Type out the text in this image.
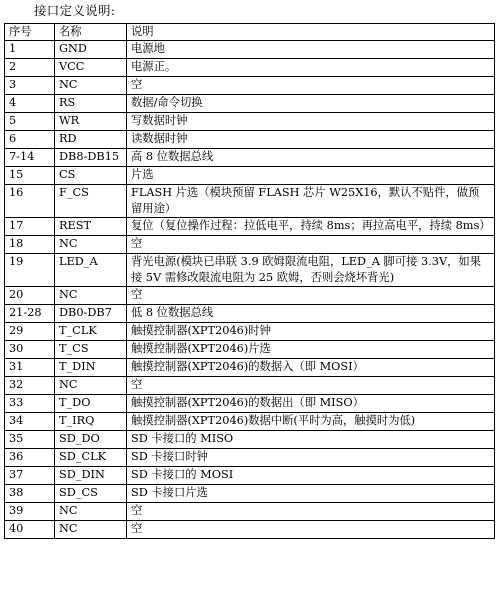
接口定义说明:
序号	名称	说明
1	GND	电源地
2	VCC	电源正。
3	NC	空
4	RS	数据/命令切换
5	WR	写数据时钟
6	RD	读数据时钟
7-14	DB8-DB15	高 8 位数据总线
15	CS	片选
16	F_CS	FLASH 片选（模块预留 FLASH 芯片 W25X16，默认不贴件，做预留用途）
17	REST	复位（复位操作过程：拉低电平，持续 8ms；再拉高电平，持续 8ms）
18	NC	空
19	LED_A	背光电源(模块已串联 3.9 欧姆限流电阻，LED_A 脚可接 3.3V，如果接 5V 需修改限流电阻为 25 欧姆，否则会烧坏背光)
20	NC	空
21-28	DB0-DB7	低 8 位数据总线
29	T_CLK	触摸控制器(XPT2046)时钟
30	T_CS	触摸控制器(XPT2046)片选
31	T_DIN	触摸控制器(XPT2046)的数据入（即 MOSI）
32	NC	空
33	T_DO	触摸控制器(XPT2046)的数据出（即 MISO）
34	T_IRQ	触摸控制器(XPT2046)数据中断(平时为高，触摸时为低)
35	SD_DO	SD 卡接口的 MISO
36	SD_CLK	SD 卡接口时钟
37	SD_DIN	SD 卡接口的 MOSI
38	SD_CS	SD 卡接口片选
39	NC	空
40	NC	空
